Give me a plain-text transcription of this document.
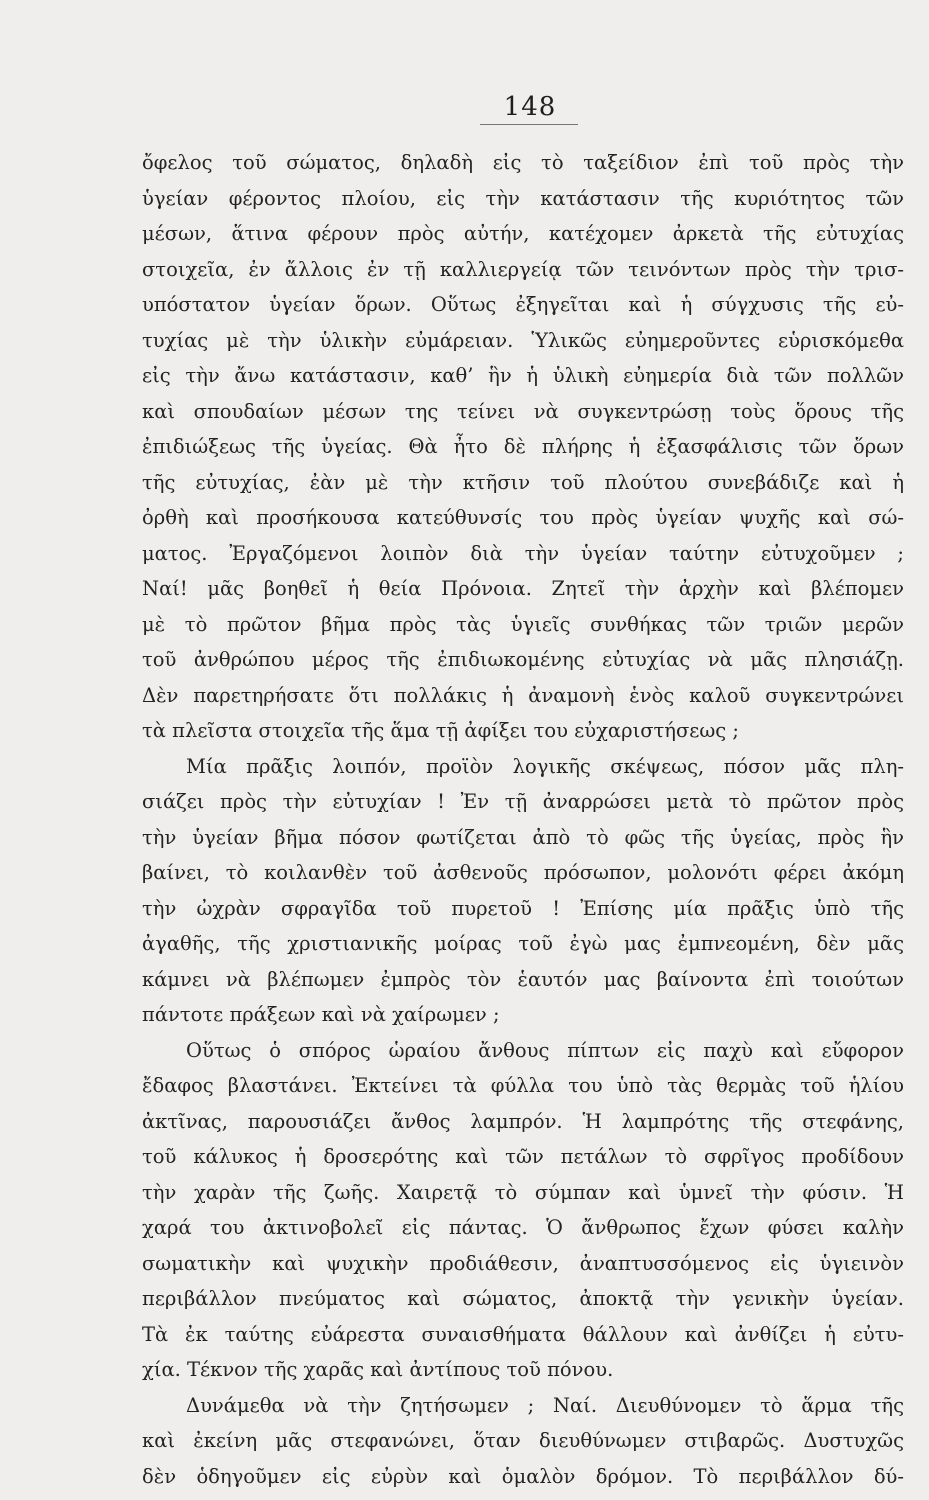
148
ὄφελος τοῦ σώματος, δηλαδὴ εἰς τὸ ταξείδιον ἐπὶ τοῦ πρὸς τὴν
ὑγείαν φέροντος πλοίου, εἰς τὴν κατάστασιν τῆς κυριότητος τῶν
μέσων, ἅτινα φέρουν πρὸς αὐτήν, κατέχομεν ἀρκετὰ τῆς εὐτυχίας
στοιχεῖα, ἐν ἄλλοις ἐν τῇ καλλιεργείᾳ τῶν τεινόντων πρὸς τὴν τρισ-
υπόστατον ὑγείαν ὅρων. Οὕτως ἐξηγεῖται καὶ ἡ σύγχυσις τῆς εὐ-
τυχίας μὲ τὴν ὑλικὴν εὐμάρειαν. Ὑλικῶς εὐημεροῦντες εὑρισκόμεθα
εἰς τὴν ἄνω κατάστασιν, καθ’ ἣν ἡ ὑλικὴ εὐημερία διὰ τῶν πολλῶν
καὶ σπουδαίων μέσων της τείνει νὰ συγκεντρώσῃ τοὺς ὅρους τῆς
ἐπιδιώξεως τῆς ὑγείας. Θὰ ἦτο δὲ πλήρης ἡ ἐξασφάλισις τῶν ὅρων
τῆς εὐτυχίας, ἐὰν μὲ τὴν κτῆσιν τοῦ πλούτου συνεβάδιζε καὶ ἡ
ὀρθὴ καὶ προσήκουσα κατεύθυνσίς του πρὸς ὑγείαν ψυχῆς καὶ σώ-
ματος. Ἐργαζόμενοι λοιπὸν διὰ τὴν ὑγείαν ταύτην εὐτυχοῦμεν ;
Ναί! μᾶς βοηθεῖ ἡ θεία Πρόνοια. Ζητεῖ τὴν ἀρχὴν καὶ βλέπομεν
μὲ τὸ πρῶτον βῆμα πρὸς τὰς ὑγιεῖς συνθήκας τῶν τριῶν μερῶν
τοῦ ἀνθρώπου μέρος τῆς ἐπιδιωκομένης εὐτυχίας νὰ μᾶς πλησιάζῃ.
Δὲν παρετηρήσατε ὅτι πολλάκις ἡ ἀναμονὴ ἑνὸς καλοῦ συγκεντρώνει
τὰ πλεῖστα στοιχεῖα τῆς ἅμα τῇ ἀφίξει του εὐχαριστήσεως ;
Μία πρᾶξις λοιπόν, προϊὸν λογικῆς σκέψεως, πόσον μᾶς πλη-
σιάζει πρὸς τὴν εὐτυχίαν ! Ἐν τῇ ἀναρρώσει μετὰ τὸ πρῶτον πρὸς
τὴν ὑγείαν βῆμα πόσον φωτίζεται ἀπὸ τὸ φῶς τῆς ὑγείας, πρὸς ἣν
βαίνει, τὸ κοιλανθὲν τοῦ ἀσθενοῦς πρόσωπον, μολονότι φέρει ἀκόμη
τὴν ὠχρὰν σφραγῖδα τοῦ πυρετοῦ ! Ἐπίσης μία πρᾶξις ὑπὸ τῆς
ἀγαθῆς, τῆς χριστιανικῆς μοίρας τοῦ ἐγὼ μας ἐμπνεομένη, δὲν μᾶς
κάμνει νὰ βλέπωμεν ἐμπρὸς τὸν ἑαυτόν μας βαίνοντα ἐπὶ τοιούτων
πάντοτε πράξεων καὶ νὰ χαίρωμεν ;
Οὕτως ὁ σπόρος ὡραίου ἄνθους πίπτων εἰς παχὺ καὶ εὔφορον
ἔδαφος βλαστάνει. Ἐκτείνει τὰ φύλλα του ὑπὸ τὰς θερμὰς τοῦ ἡλίου
ἀκτῖνας, παρουσιάζει ἄνθος λαμπρόν. Ἡ λαμπρότης τῆς στεφάνης,
τοῦ κάλυκος ἡ δροσερότης καὶ τῶν πετάλων τὸ σφρῖγος προδίδουν
τὴν χαρὰν τῆς ζωῆς. Χαιρετᾷ τὸ σύμπαν καὶ ὑμνεῖ τὴν φύσιν. Ἡ
χαρά του ἀκτινοβολεῖ εἰς πάντας. Ὁ ἄνθρωπος ἔχων φύσει καλὴν
σωματικὴν καὶ ψυχικὴν προδιάθεσιν, ἀναπτυσσόμενος εἰς ὑγιεινὸν
περιβάλλον πνεύματος καὶ σώματος, ἀποκτᾷ τὴν γενικὴν ὑγείαν.
Τὰ ἐκ ταύτης εὐάρεστα συναισθήματα θάλλουν καὶ ἀνθίζει ἡ εὐτυ-
χία. Τέκνον τῆς χαρᾶς καὶ ἀντίπους τοῦ πόνου.
Δυνάμεθα νὰ τὴν ζητήσωμεν ; Ναί. Διευθύνομεν τὸ ἅρμα τῆς
καὶ ἐκείνη μᾶς στεφανώνει, ὅταν διευθύνωμεν στιβαρῶς. Δυστυχῶς
δὲν ὁδηγοῦμεν εἰς εὐρὺν καὶ ὁμαλὸν δρόμον. Τὸ περιβάλλον δύ-
